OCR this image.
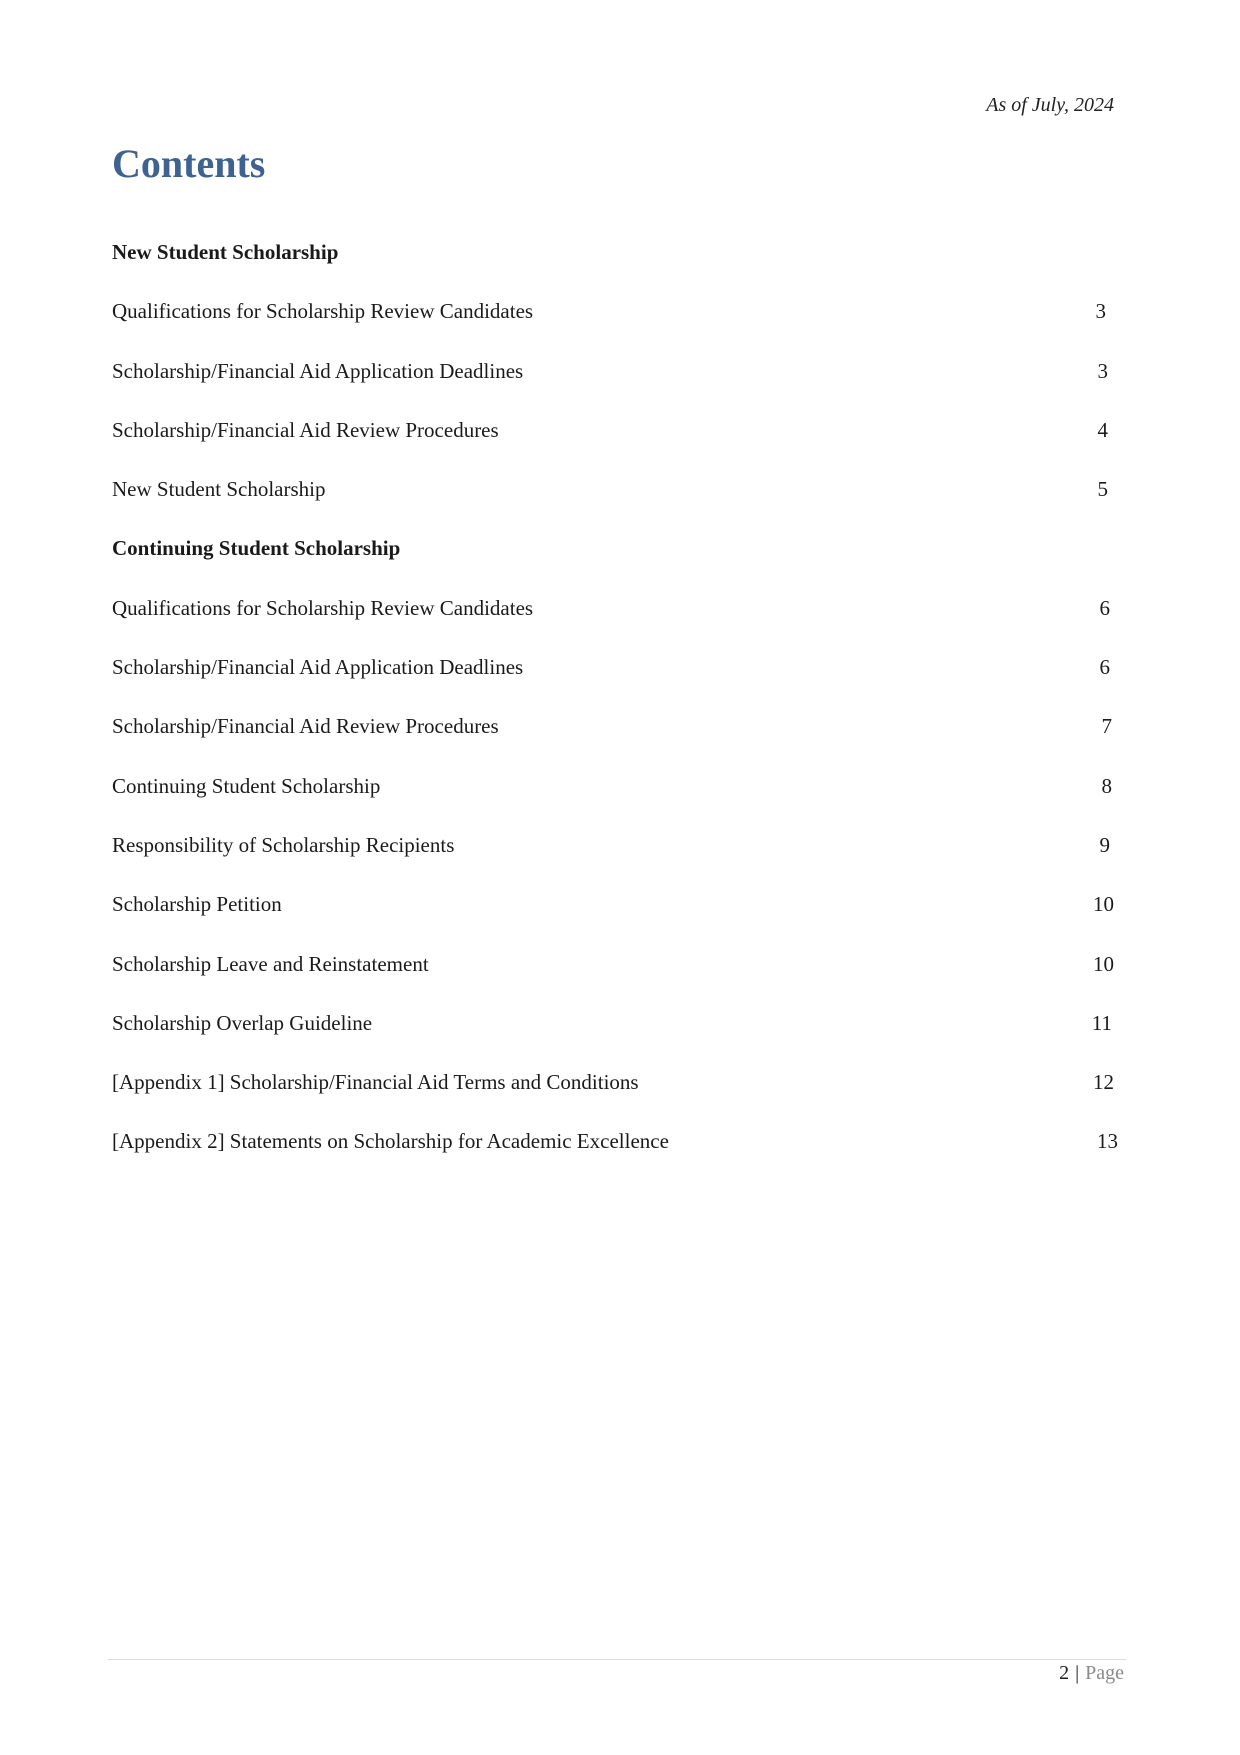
As of July, 2024
Contents
New Student Scholarship
Qualifications for Scholarship Review Candidates	3
Scholarship/Financial Aid Application Deadlines	3
Scholarship/Financial Aid Review Procedures	4
New Student Scholarship	5
Continuing Student Scholarship
Qualifications for Scholarship Review Candidates	6
Scholarship/Financial Aid Application Deadlines	6
Scholarship/Financial Aid Review Procedures	7
Continuing Student Scholarship	8
Responsibility of Scholarship Recipients	9
Scholarship Petition	10
Scholarship Leave and Reinstatement	10
Scholarship Overlap Guideline	11
[Appendix 1] Scholarship/Financial Aid Terms and Conditions	12
[Appendix 2] Statements on Scholarship for Academic Excellence	13
2 | Page
